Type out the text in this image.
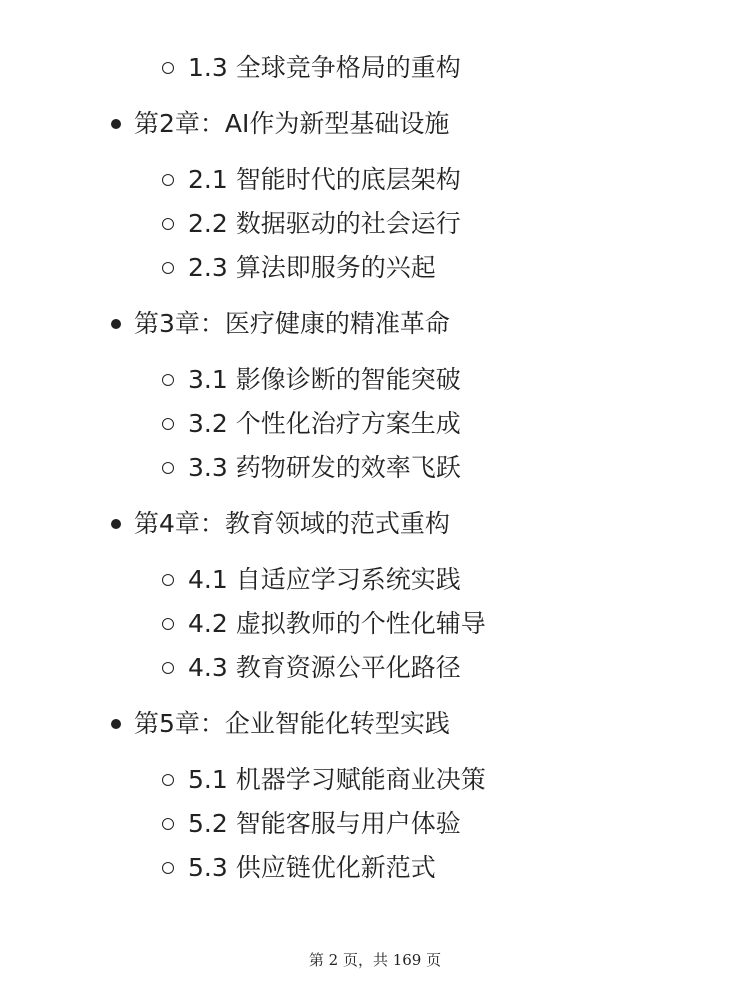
1.3 全球竞争格局的重构
第2章：AI作为新型基础设施
2.1 智能时代的底层架构
2.2 数据驱动的社会运行
2.3 算法即服务的兴起
第3章：医疗健康的精准革命
3.1 影像诊断的智能突破
3.2 个性化治疗方案生成
3.3 药物研发的效率飞跃
第4章：教育领域的范式重构
4.1 自适应学习系统实践
4.2 虚拟教师的个性化辅导
4.3 教育资源公平化路径
第5章：企业智能化转型实践
5.1 机器学习赋能商业决策
5.2 智能客服与用户体验
5.3 供应链优化新范式
第 2 页，共 169 页
